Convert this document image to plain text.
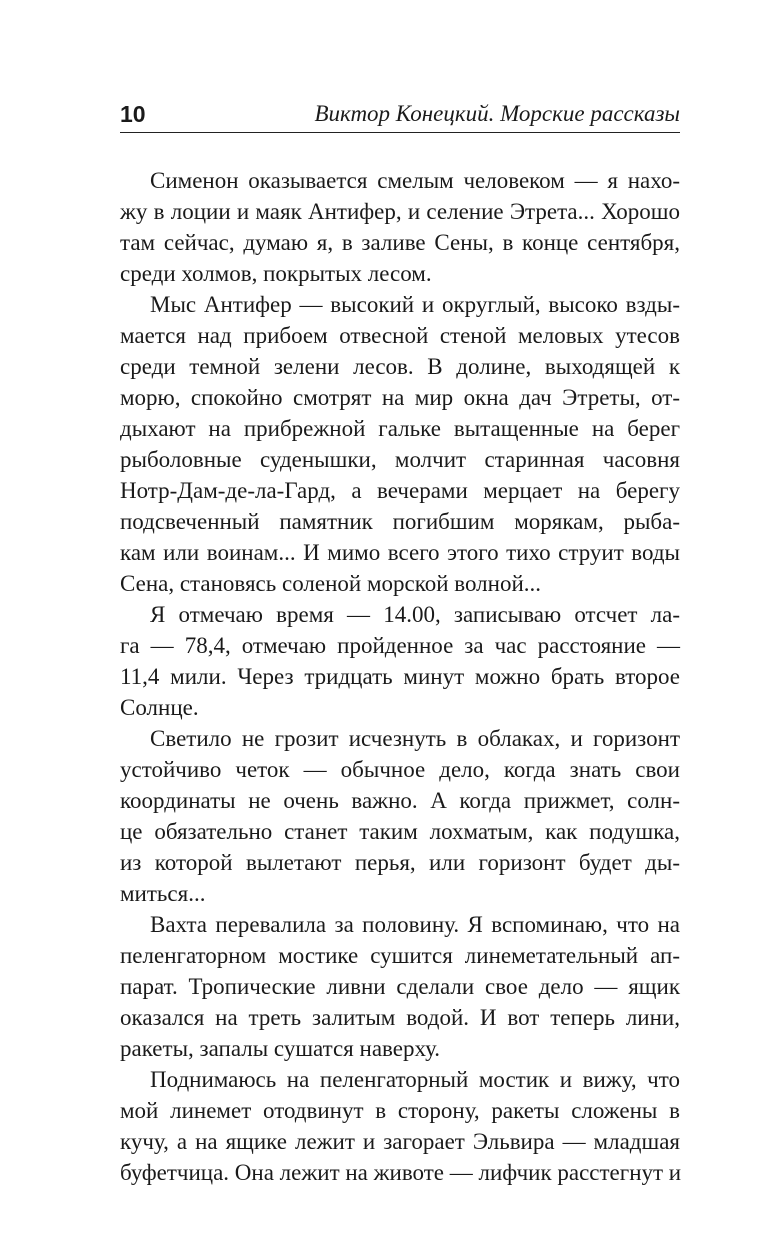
10	Виктор Конецкий. Морские рассказы
Сименон оказывается смелым человеком — я нахо-
жу в лоции и маяк Антифер, и селение Этрета... Хорошо
там сейчас, думаю я, в заливе Сены, в конце сентября,
среди холмов, покрытых лесом.
Мыс Антифер — высокий и округлый, высоко взды-
мается над прибоем отвесной стеной меловых утесов
среди темной зелени лесов. В долине, выходящей к
морю, спокойно смотрят на мир окна дач Этреты, от-
дыхают на прибрежной гальке вытащенные на берег
рыболовные суденышки, молчит старинная часовня
Нотр-Дам-де-ла-Гард, а вечерами мерцает на берегу
подсвеченный памятник погибшим морякам, рыба-
кам или воинам... И мимо всего этого тихо струит воды
Сена, становясь соленой морской волной...
Я отмечаю время — 14.00, записываю отсчет ла-
га — 78,4, отмечаю пройденное за час расстояние —
11,4 мили. Через тридцать минут можно брать второе
Солнце.
Светило не грозит исчезнуть в облаках, и горизонт
устойчиво четок — обычное дело, когда знать свои
координаты не очень важно. А когда прижмет, солн-
це обязательно станет таким лохматым, как подушка,
из которой вылетают перья, или горизонт будет ды-
миться...
Вахта перевалила за половину. Я вспоминаю, что на
пеленгаторном мостике сушится линеметательный ап-
парат. Тропические ливни сделали свое дело — ящик
оказался на треть залитым водой. И вот теперь лини,
ракеты, запалы сушатся наверху.
Поднимаюсь на пеленгаторный мостик и вижу, что
мой линемет отодвинут в сторону, ракеты сложены в
кучу, а на ящике лежит и загорает Эльвира — младшая
буфетчица. Она лежит на животе — лифчик расстегнут и
